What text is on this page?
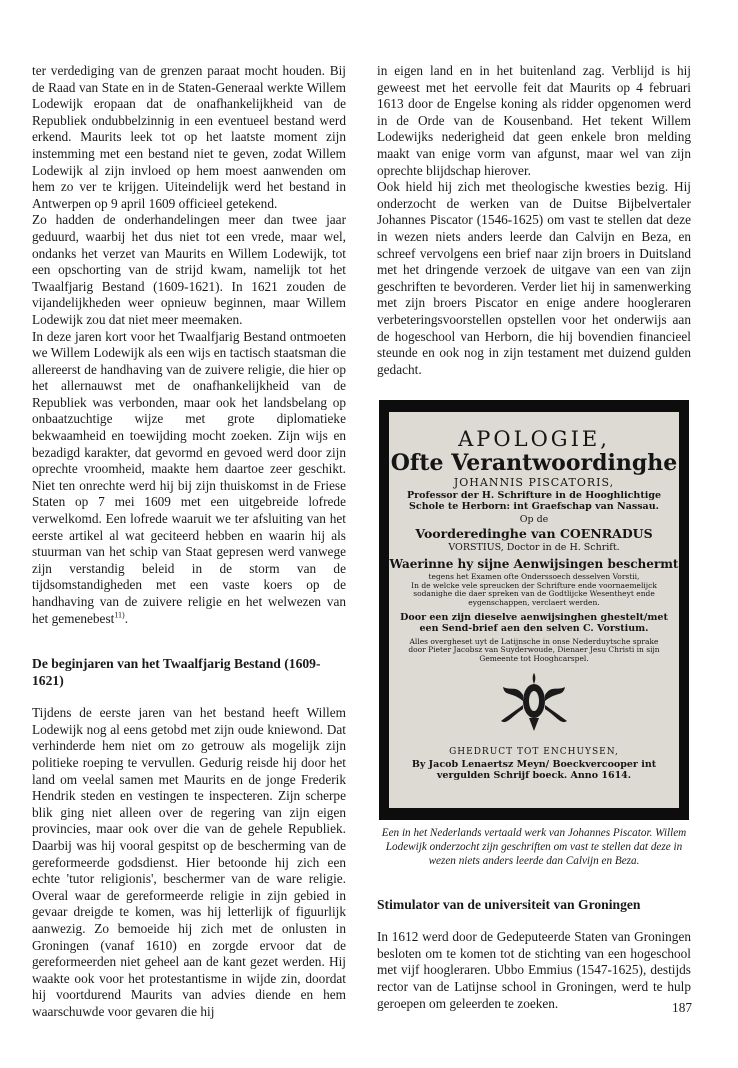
ter verdediging van de grenzen paraat mocht houden. Bij de Raad van State en in de Staten-Generaal werkte Willem Lodewijk eropaan dat de onafhankelijkheid van de Republiek ondubbelzinnig in een eventueel bestand werd erkend. Maurits leek tot op het laatste moment zijn instemming met een bestand niet te geven, zodat Willem Lodewijk al zijn invloed op hem moest aanwenden om hem zo ver te krijgen. Uiteindelijk werd het bestand in Antwerpen op 9 april 1609 officieel getekend.

Zo hadden de onderhandelingen meer dan twee jaar geduurd, waarbij het dus niet tot een vrede, maar wel, ondanks het verzet van Maurits en Willem Lodewijk, tot een opschorting van de strijd kwam, namelijk tot het Twaalfjarig Bestand (1609-1621). In 1621 zouden de vijandelijkheden weer opnieuw beginnen, maar Willem Lodewijk zou dat niet meer meemaken.

In deze jaren kort voor het Twaalfjarig Bestand ontmoeten we Willem Lodewijk als een wijs en tactisch staatsman die allereerst de handhaving van de zuivere religie, die hier op het allernauwst met de onafhankelijkheid van de Republiek was verbonden, maar ook het landsbelang op onbaatzuchtige wijze met grote diplomatieke bekwaamheid en toewijding mocht zoeken. Zijn wijs en bezadigd karakter, dat gevormd en gevoed werd door zijn oprechte vroomheid, maakte hem daartoe zeer geschikt. Niet ten onrechte werd hij bij zijn thuiskomst in de Friese Staten op 7 mei 1609 met een uitgebreide lofrede verwelkomd. Een lofrede waaruit we ter afsluiting van het eerste artikel al wat geciteerd hebben en waarin hij als stuurman van het schip van Staat gepresen werd vanwege zijn verstandig beleid in de storm van de tijdsomstandigheden met een vaste koers op de handhaving van de zuivere religie en het welwezen van het gemenebest$^{11)}$.

De beginjaren van het Twaalfjarig Bestand (1609-1621)

Tijdens de eerste jaren van het bestand heeft Willem Lodewijk nog al eens getobd met zijn oude kniewond. Dat verhinderde hem niet om zo getrouw als mogelijk zijn politieke roeping te vervullen. Gedurig reisde hij door het land om veelal samen met Maurits en de jonge Frederik Hendrik steden en vestingen te inspecteren. Zijn scherpe blik ging niet alleen over de regering van zijn eigen provincies, maar ook over die van de gehele Republiek. Daarbij was hij vooral gespitst op de bescherming van de gereformeerde godsdienst. Hier betoonde hij zich een echte 'tutor religionis', beschermer van de ware religie. Overal waar de gereformeerde religie in zijn gebied in gevaar dreigde te komen, was hij letterlijk of figuurlijk aanwezig. Zo bemoeide hij zich met de onlusten in Groningen (vanaf 1610) en zorgde ervoor dat de gereformeerden niet geheel aan de kant gezet werden. Hij waakte ook voor het protestantisme in wijde zin, doordat hij voortdurend Maurits van advies diende en hem waarschuwde voor gevaren die hij

in eigen land en in het buitenland zag. Verblijd is hij geweest met het eervolle feit dat Maurits op 4 februari 1613 door de Engelse koning als ridder opgenomen werd in de Orde van de Kousenband. Het tekent Willem Lodewijks nederigheid dat geen enkele bron melding maakt van enige vorm van afgunst, maar wel van zijn oprechte blijdschap hierover.

Ook hield hij zich met theologische kwesties bezig. Hij onderzocht de werken van de Duitse Bijbelvertaler Johannes Piscator (1546-1625) om vast te stellen dat deze in wezen niets anders leerde dan Calvijn en Beza, en schreef vervolgens een brief naar zijn broers in Duitsland met het dringende verzoek de uitgave van een van zijn geschriften te bevorderen. Verder liet hij in samenwerking met zijn broers Piscator en enige andere hoogleraren verbeteringsvoorstellen opstellen voor het onderwijs aan de hogeschool van Herborn, die hij bovendien financieel steunde en ook nog in zijn testament met duizend gulden gedacht.

APOLOGIE,
Ofte Verantwoordinghe
JOHANNIS PISCATORIS,
Professor der H. Schrifture in de Hooghlichtige Schole te Herborn: int Graefschap van Nassau.
Op de
Voorderedinghe van COENRADUS
VORSTIUS, Doctor in de H. Schrift.
Waerinne hy sijne Aenwijsingen beschermt
tegens het Examen ofte Onderssoech desselven Vorstii,
In de welcke vele spreucken der Schrifture ende voornaemelijck sodanighe die daer spreken van de Godtlijcke Wesentheyt ende eygenschappen, verclaert werden.
Door een zijn dieselve aenwijsinghen ghestelt/met een Send-brief aen den selven C. Vorstium.
Alles overgheset uyt de Latijnsche in onse Nederduytsche sprake door Pieter Jacobsz van Suyderwoude, Dienaer Jesu Christi in sijn Gemeente tot Hooghcarspel.
GHEDRUCT TOT ENCHUYSEN,
By Jacob Lenaertsz Meyn/ Boeckvercooper int vergulden Schrijf boeck. Anno 1614.
Een in het Nederlands vertaald werk van Johannes Piscator. Willem Lodewijk onderzocht zijn geschriften om vast te stellen dat deze in wezen niets anders leerde dan Calvijn en Beza.
Stimulator van de universiteit van Groningen

In 1612 werd door de Gedeputeerde Staten van Groningen besloten om te komen tot de stichting van een hogeschool met vijf hoogleraren. Ubbo Emmius (1547-1625), destijds rector van de Latijnse school in Groningen, werd te hulp geroepen om geleerden te zoeken.	187
